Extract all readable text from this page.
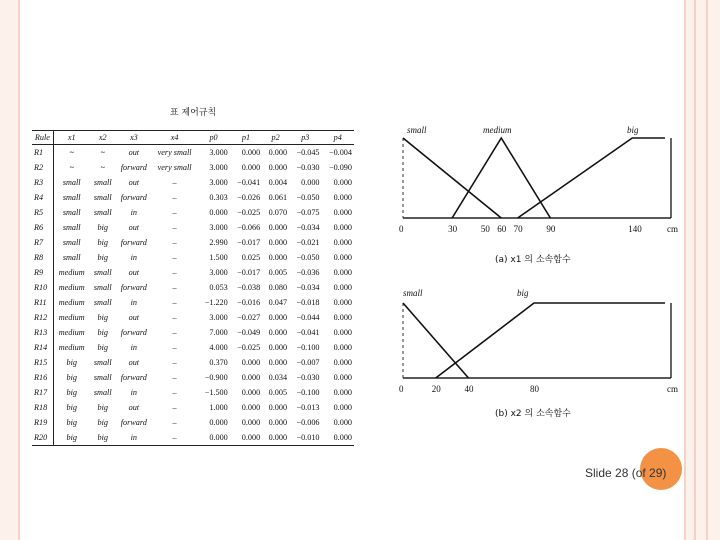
표 제어규칙
Rule	x1	x2	x3	x4	p0	p1	p2	p3	p4
R1	~	~	out	very small	3.000	0.000	0.000	−0.045	−0.004
R2	~	~	forward	very small	3.000	0.000	0.000	−0.030	−0.090
R3	small	small	out	–	3.000	−0.041	0.004	0.000	0.000
R4	small	small	forward	–	0.303	−0.026	0.061	−0.050	0.000
R5	small	small	in	–	0.000	−0.025	0.070	−0.075	0.000
R6	small	big	out	–	3.000	−0.066	0.000	−0.034	0.000
R7	small	big	forward	–	2.990	−0.017	0.000	−0.021	0.000
R8	small	big	in	–	1.500	0.025	0.000	−0.050	0.000
R9	medium	small	out	–	3.000	−0.017	0.005	−0.036	0.000
R10	medium	small	forward	–	0.053	−0.038	0.080	−0.034	0.000
R11	medium	small	in	–	−1.220	−0.016	0.047	−0.018	0.000
R12	medium	big	out	–	3.000	−0.027	0.000	−0.044	0.000
R13	medium	big	forward	–	7.000	−0.049	0.000	−0.041	0.000
R14	medium	big	in	–	4.000	−0.025	0.000	−0.100	0.000
R15	big	small	out	–	0.370	0.000	0.000	−0.007	0.000
R16	big	small	forward	–	−0.900	0.000	0.034	−0.030	0.000
R17	big	small	in	–	−1.500	0.000	0.005	−0.100	0.000
R18	big	big	out	–	1.000	0.000	0.000	−0.013	0.000
R19	big	big	forward	–	0.000	0.000	0.000	−0.006	0.000
R20	big	big	in	–	0.000	0.000	0.000	−0.010	0.000
small	medium	big
0	30	50 60 70	90	140	cm
(a) x1 의 소속함수
small	big
0	20	40	80	cm
(b) x2 의 소속함수
Slide 28 (of 29)
